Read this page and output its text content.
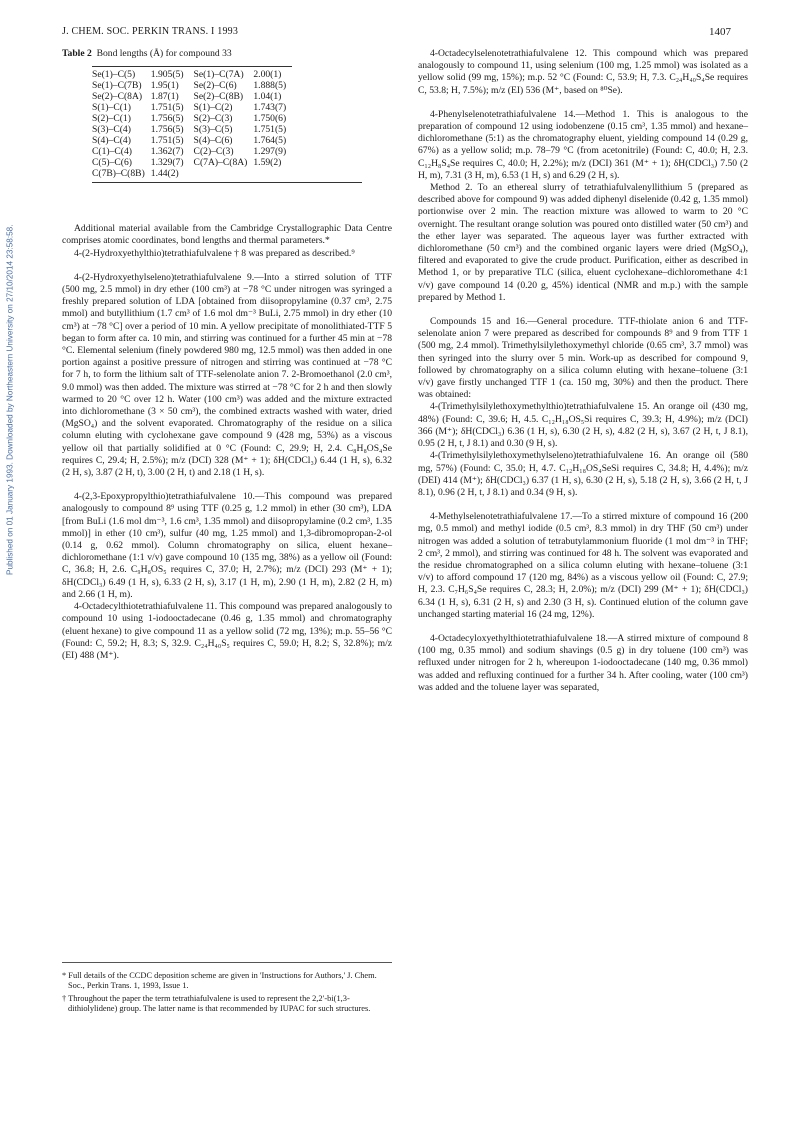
Published on 01 January 1993. Downloaded by Northeastern University on 27/10/2014 23:58:58.
J. CHEM. SOC. PERKIN TRANS. I 1993	1407
Table 2 Bond lengths (Å) for compound 33

Se(1)–C(5)	1.905(5)	Se(1)–C(7A)	2.00(1)
Se(1)–C(7B)	1.95(1)	Se(2)–C(6)	1.888(5)
Se(2)–C(8A)	1.87(1)	Se(2)–C(8B)	1.04(1)
S(1)–C(1)	1.751(5)	S(1)–C(2)	1.743(7)
S(2)–C(1)	1.756(5)	S(2)–C(3)	1.750(6)
S(3)–C(4)	1.756(5)	S(3)–C(5)	1.751(5)
S(4)–C(4)	1.751(5)	S(4)–C(6)	1.764(5)
C(1)–C(4)	1.362(7)	C(2)–C(3)	1.297(9)
C(5)–C(6)	1.329(7)	C(7A)–C(8A)	1.59(2)
C(7B)–C(8B)	1.44(2)		

Additional material available from the Cambridge Crystallographic Data Centre comprises atomic coordinates, bond lengths and thermal parameters.*

4-(2-Hydroxyethylthio)tetrathiafulvalene † 8 was prepared as described.⁹

4-(2-Hydroxyethylseleno)tetrathiafulvalene 9.—Into a stirred solution of TTF (500 mg, 2.5 mmol) in dry ether (100 cm³) at −78 °C under nitrogen was syringed a freshly prepared solution of LDA [obtained from diisopropylamine (0.37 cm³, 2.75 mmol) and butyllithium (1.7 cm³ of 1.6 mol dm⁻³ BuLi, 2.75 mmol) in dry ether (10 cm³) at −78 °C] over a period of 10 min. A yellow precipitate of monolithiated-TTF 5 began to form after ca. 10 min, and stirring was continued for a further 45 min at −78 °C. Elemental selenium (finely powdered 980 mg, 12.5 mmol) was then added in one portion against a positive pressure of nitrogen and stirring was continued at −78 °C for 7 h, to form the lithium salt of TTF-selenolate anion 7. 2-Bromoethanol (2.0 cm³, 9.0 mmol) was then added. The mixture was stirred at −78 °C for 2 h and then slowly warmed to 20 °C over 12 h. Water (100 cm³) was added and the mixture extracted into dichloromethane (3 × 50 cm³), the combined extracts washed with water, dried (MgSO₄) and the solvent evaporated. Chromatography of the residue on a silica column eluting with cyclohexane gave compound 9 (428 mg, 53%) as a viscous yellow oil that partially solidified at 0 °C (Found: C, 29.9; H, 2.4. C₈H₈OS₄Se requires C, 29.4; H, 2.5%); m/z (DCI) 328 (M⁺ + 1); δH(CDCl₃) 6.44 (1 H, s), 6.32 (2 H, s), 3.87 (2 H, t), 3.00 (2 H, t) and 2.18 (1 H, s).

4-(2,3-Epoxypropylthio)tetrathiafulvalene 10.—This compound was prepared analogously to compound 8⁹ using TTF (0.25 g, 1.2 mmol) in ether (30 cm³), LDA [from BuLi (1.6 mol dm⁻³, 1.6 cm³, 1.35 mmol) and diisopropylamine (0.2 cm³, 1.35 mmol)] in ether (10 cm³), sulfur (40 mg, 1.25 mmol) and 1,3-dibromopropan-2-ol (0.14 g, 0.62 mmol). Column chromatography on silica, eluent hexane–dichloromethane (1:1 v/v) gave compound 10 (135 mg, 38%) as a yellow oil (Found: C, 36.8; H, 2.6. C₉H₈OS₅ requires C, 37.0; H, 2.7%); m/z (DCI) 293 (M⁺ + 1); δH(CDCl₃) 6.49 (1 H, s), 6.33 (2 H, s), 3.17 (1 H, m), 2.90 (1 H, m), 2.82 (2 H, m) and 2.66 (1 H, m).

4-Octadecylthiotetrathiafulvalene 11. This compound was prepared analogously to compound 10 using 1-iodooctadecane (0.46 g, 1.35 mmol) and chromatography (eluent hexane) to give compound 11 as a yellow solid (72 mg, 13%); m.p. 55–56 °C (Found: C, 59.2; H, 8.3; S, 32.9. C₂₄H₄₀S₅ requires C, 59.0; H, 8.2; S, 32.8%); m/z (EI) 488 (M⁺).

* Full details of the CCDC deposition scheme are given in 'Instructions for Authors,' J. Chem. Soc., Perkin Trans. 1, 1993, Issue 1.

† Throughout the paper the term tetrathiafulvalene is used to represent the 2,2′-bi(1,3-dithiolylidene) group. The latter name is that recommended by IUPAC for such structures.

4-Octadecylselenotetrathiafulvalene 12. This compound which was prepared analogously to compound 11, using selenium (100 mg, 1.25 mmol) was isolated as a yellow solid (99 mg, 15%); m.p. 52 °C (Found: C, 53.9; H, 7.3. C₂₄H₄₀S₄Se requires C, 53.8; H, 7.5%); m/z (EI) 536 (M⁺, based on ⁸⁰Se).

4-Phenylselenotetrathiafulvalene 14.—Method 1. This is analogous to the preparation of compound 12 using iodobenzene (0.15 cm³, 1.35 mmol) and hexane–dichloromethane (5:1) as the chromatography eluent, yielding compound 14 (0.29 g, 67%) as a yellow solid; m.p. 78–79 °C (from acetonitrile) (Found: C, 40.0; H, 2.3. C₁₂H₈S₄Se requires C, 40.0; H, 2.2%); m/z (DCI) 361 (M⁺ + 1); δH(CDCl₃) 7.50 (2 H, m), 7.31 (3 H, m), 6.53 (1 H, s) and 6.29 (2 H, s).

Method 2. To an ethereal slurry of tetrathiafulvalenyllithium 5 (prepared as described above for compound 9) was added diphenyl diselenide (0.42 g, 1.35 mmol) portionwise over 2 min. The reaction mixture was allowed to warm to 20 °C overnight. The resultant orange solution was poured onto distilled water (50 cm³) and the ether layer was separated. The aqueous layer was further extracted with dichloromethane (50 cm³) and the combined organic layers were dried (MgSO₄), filtered and evaporated to give the crude product. Purification, either as described in Method 1, or by preparative TLC (silica, eluent cyclohexane–dichloromethane 4:1 v/v) gave compound 14 (0.20 g, 45%) identical (NMR and m.p.) with the sample prepared by Method 1.

Compounds 15 and 16.—General procedure. TTF-thiolate anion 6 and TTF-selenolate anion 7 were prepared as described for compounds 8⁹ and 9 from TTF 1 (500 mg, 2.4 mmol). Trimethylsilylethoxymethyl chloride (0.65 cm³, 3.7 mmol) was then syringed into the slurry over 5 min. Work-up as described for compound 9, followed by chromatography on a silica column eluting with hexane–toluene (3:1 v/v) gave firstly unchanged TTF 1 (ca. 150 mg, 30%) and then the product. There was obtained:

4-(Trimethylsilylethoxymethylthio)tetrathiafulvalene 15. An orange oil (430 mg, 48%) (Found: C, 39.6; H, 4.5. C₁₂H₁₈OS₅Si requires C, 39.3; H, 4.9%); m/z (DCI) 366 (M⁺); δH(CDCl₃) 6.36 (1 H, s), 6.30 (2 H, s), 4.82 (2 H, s), 3.67 (2 H, t, J 8.1), 0.95 (2 H, t, J 8.1) and 0.30 (9 H, s).

4-(Trimethylsilylethoxymethylseleno)tetrathiafulvalene 16. An orange oil (580 mg, 57%) (Found: C, 35.0; H, 4.7. C₁₂H₁₈OS₄SeSi requires C, 34.8; H, 4.4%); m/z (DEI) 414 (M⁺); δH(CDCl₃) 6.37 (1 H, s), 6.30 (2 H, s), 5.18 (2 H, s), 3.66 (2 H, t, J 8.1), 0.96 (2 H, t, J 8.1) and 0.34 (9 H, s).

4-Methylselenotetrathiafulvalene 17.—To a stirred mixture of compound 16 (200 mg, 0.5 mmol) and methyl iodide (0.5 cm³, 8.3 mmol) in dry THF (50 cm³) under nitrogen was added a solution of tetrabutylammonium fluoride (1 mol dm⁻³ in THF; 2 cm³, 2 mmol), and stirring was continued for 48 h. The solvent was evaporated and the residue chromatographed on a silica column eluting with hexane–toluene (3:1 v/v) to afford compound 17 (120 mg, 84%) as a viscous yellow oil (Found: C, 27.9; H, 2.3. C₇H₆S₄Se requires C, 28.3; H, 2.0%); m/z (DCI) 299 (M⁺ + 1); δH(CDCl₃) 6.34 (1 H, s), 6.31 (2 H, s) and 2.30 (3 H, s). Continued elution of the column gave unchanged starting material 16 (24 mg, 12%).

4-Octadecyloxyethylthiotetrathiafulvalene 18.—A stirred mixture of compound 8 (100 mg, 0.35 mmol) and sodium shavings (0.5 g) in dry toluene (100 cm³) was refluxed under nitrogen for 2 h, whereupon 1-iodooctadecane (140 mg, 0.36 mmol) was added and refluxing continued for a further 34 h. After cooling, water (100 cm³) was added and the toluene layer was separated,
